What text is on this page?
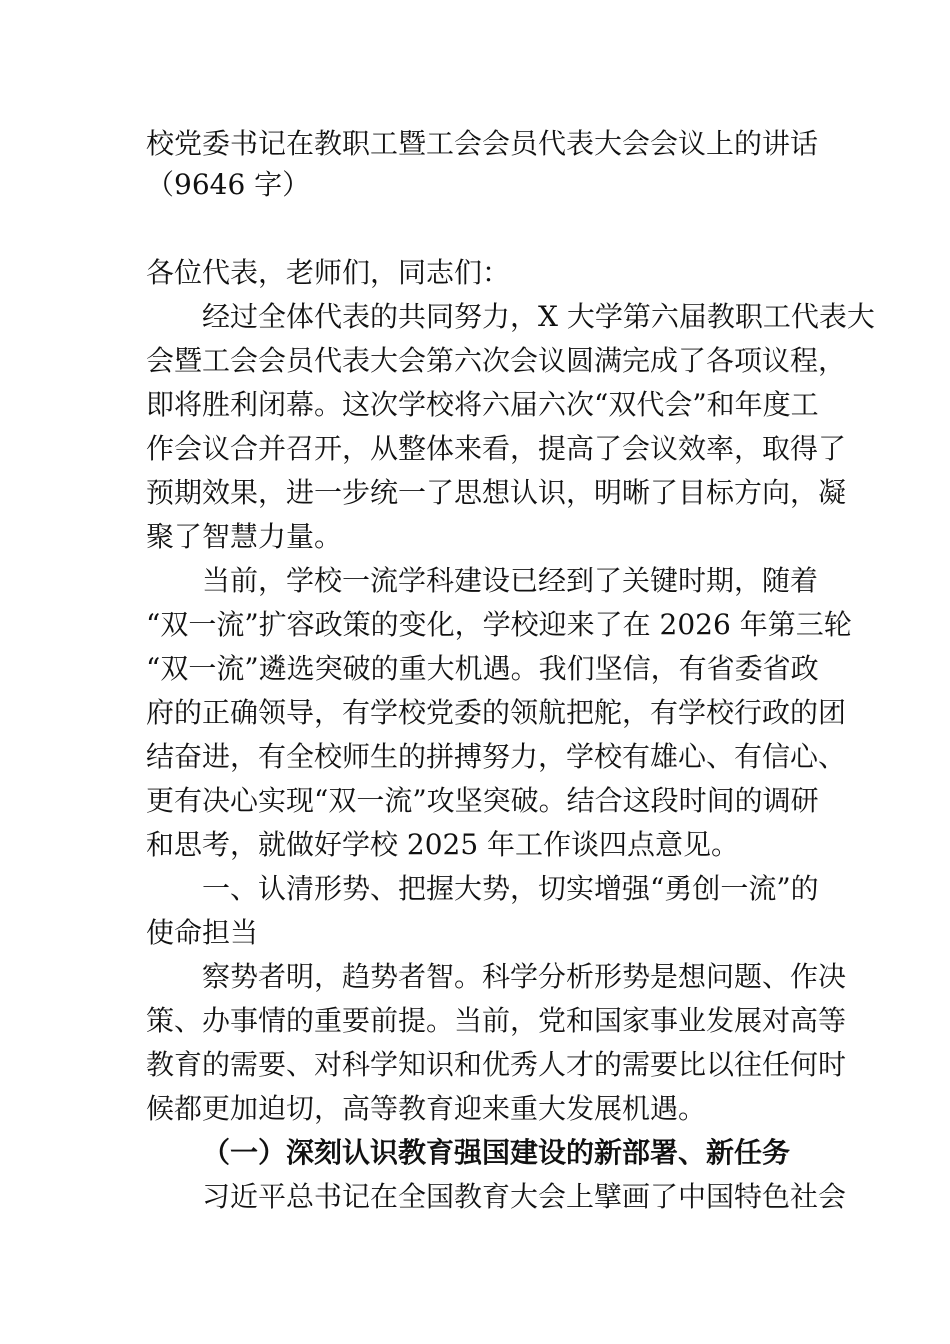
校党委书记在教职工暨工会会员代表大会会议上的讲话
（9646 字）
各位代表，老师们，同志们：
经过全体代表的共同努力，X 大学第六届教职工代表大
会暨工会会员代表大会第六次会议圆满完成了各项议程，
即将胜利闭幕。这次学校将六届六次“双代会”和年度工
作会议合并召开，从整体来看，提高了会议效率，取得了
预期效果，进一步统一了思想认识，明晰了目标方向，凝
聚了智慧力量。
当前，学校一流学科建设已经到了关键时期，随着
“双一流”扩容政策的变化，学校迎来了在 2026 年第三轮
“双一流”遴选突破的重大机遇。我们坚信，有省委省政
府的正确领导，有学校党委的领航把舵，有学校行政的团
结奋进，有全校师生的拼搏努力，学校有雄心、有信心、
更有决心实现“双一流”攻坚突破。结合这段时间的调研
和思考，就做好学校 2025 年工作谈四点意见。
一、认清形势、把握大势，切实增强“勇创一流”的
使命担当
察势者明，趋势者智。科学分析形势是想问题、作决
策、办事情的重要前提。当前，党和国家事业发展对高等
教育的需要、对科学知识和优秀人才的需要比以往任何时
候都更加迫切，高等教育迎来重大发展机遇。
（一）深刻认识教育强国建设的新部署、新任务
习近平总书记在全国教育大会上擘画了中国特色社会
